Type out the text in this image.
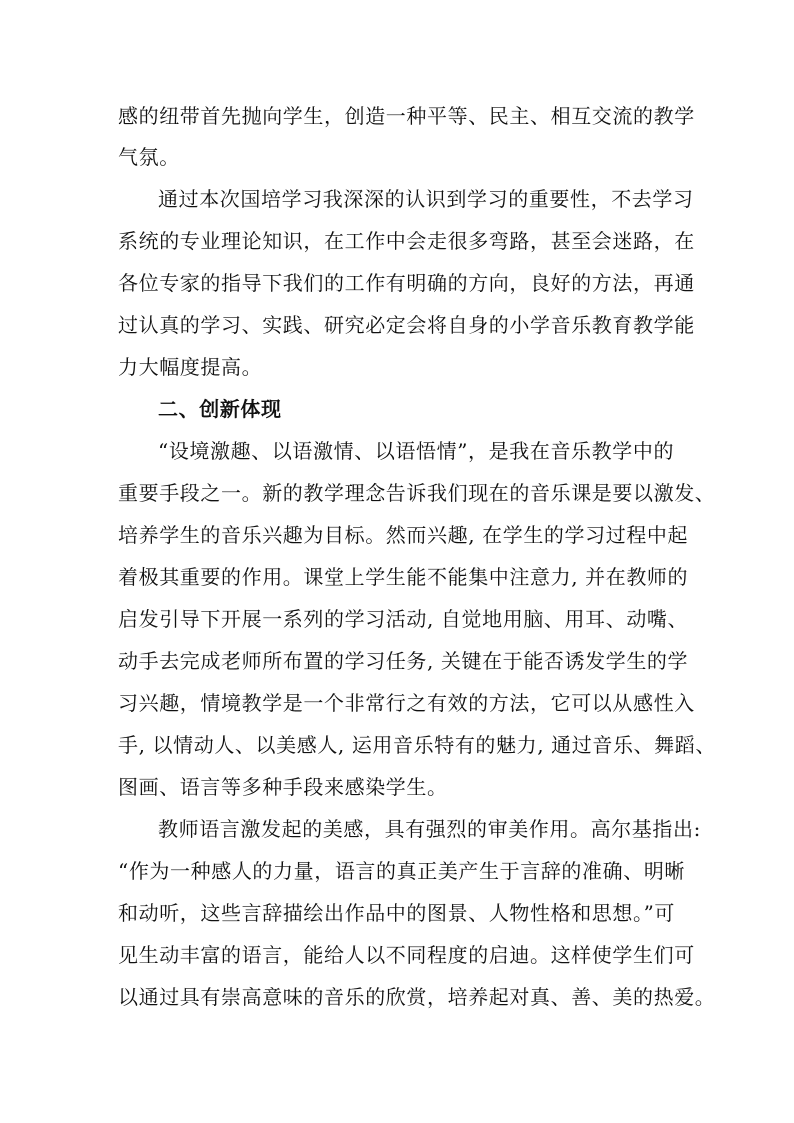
感的纽带首先抛向学生，创造一种平等、民主、相互交流的教学
气氛。
通过本次国培学习我深深的认识到学习的重要性，不去学习
系统的专业理论知识，在工作中会走很多弯路，甚至会迷路，在
各位专家的指导下我们的工作有明确的方向，良好的方法，再通
过认真的学习、实践、研究必定会将自身的小学音乐教育教学能
力大幅度提高。
二、创新体现
“设境激趣、以语激情、以语悟情”，是我在音乐教学中的
重要手段之一。新的教学理念告诉我们现在的音乐课是要以激发、
培养学生的音乐兴趣为目标。然而兴趣, 在学生的学习过程中起
着极其重要的作用。课堂上学生能不能集中注意力, 并在教师的
启发引导下开展一系列的学习活动, 自觉地用脑、用耳、动嘴、
动手去完成老师所布置的学习任务, 关键在于能否诱发学生的学
习兴趣，情境教学是一个非常行之有效的方法，它可以从感性入
手, 以情动人、以美感人, 运用音乐特有的魅力, 通过音乐、舞蹈、
图画、语言等多种手段来感染学生。
教师语言激发起的美感，具有强烈的审美作用。高尔基指出:
“作为一种感人的力量，语言的真正美产生于言辞的准确、明晰
和动听，这些言辞描绘出作品中的图景、人物性格和思想。”可
见生动丰富的语言，能给人以不同程度的启迪。这样使学生们可
以通过具有崇高意味的音乐的欣赏，培养起对真、善、美的热爱。
